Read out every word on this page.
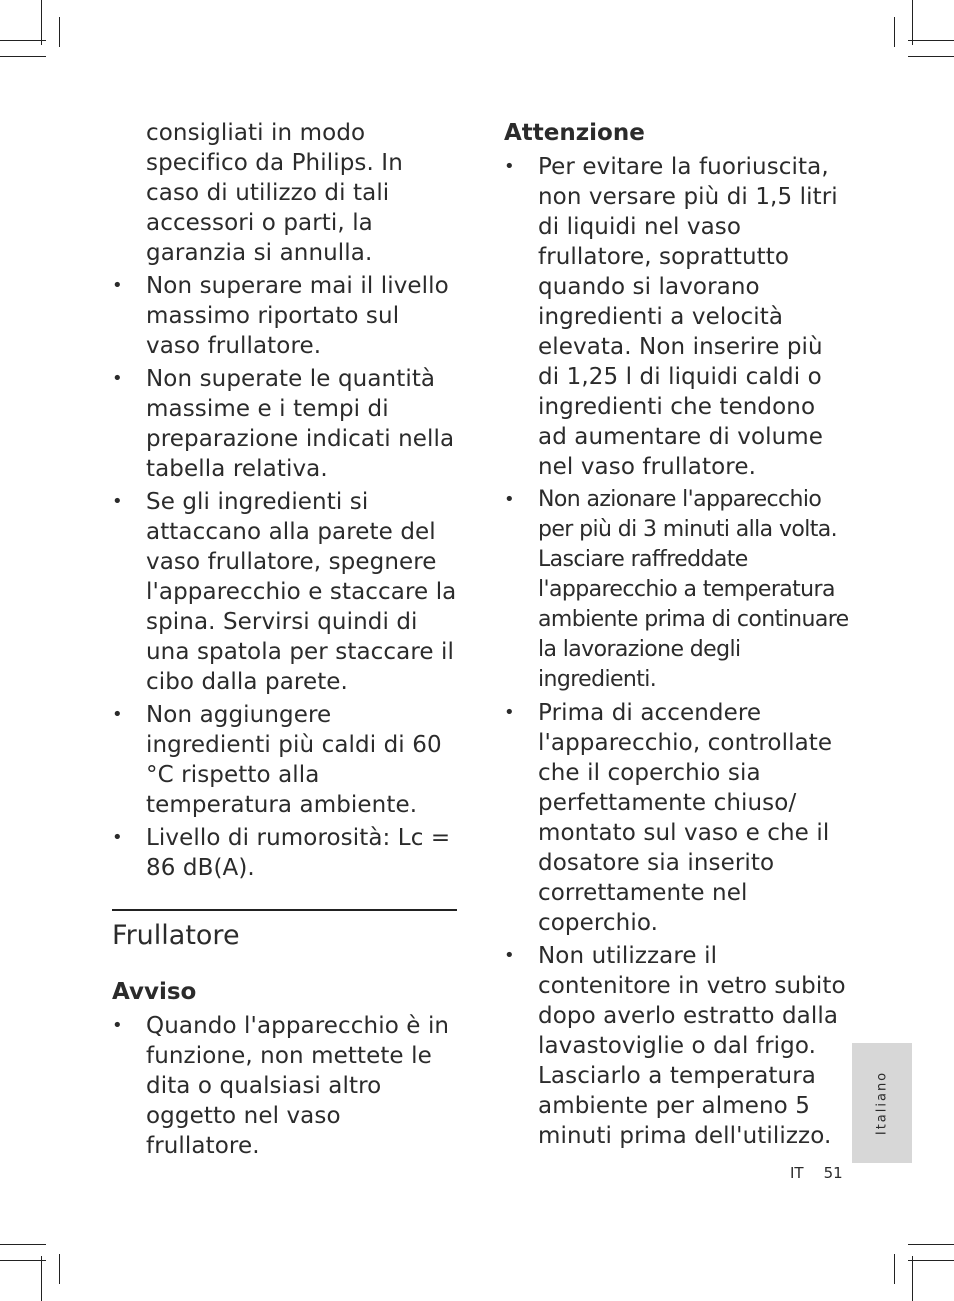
consigliati in modo specifico da Philips. In caso di utilizzo di tali accessori o parti, la garanzia si annulla.

• Non superare mai il livello massimo riportato sul vaso frullatore.

• Non superate le quantità massime e i tempi di preparazione indicati nella tabella relativa.

• Se gli ingredienti si attaccano alla parete del vaso frullatore, spegnere l'apparecchio e staccare la spina. Servirsi quindi di una spatola per staccare il cibo dalla parete.

• Non aggiungere ingredienti più caldi di 60 °C rispetto alla temperatura ambiente.

• Livello di rumorosità: Lc = 86 dB(A).

Frullatore
Avviso

• Quando l'apparecchio è in funzione, non mettete le dita o qualsiasi altro oggetto nel vaso frullatore.

Attenzione

• Per evitare la fuoriuscita, non versare più di 1,5 litri di liquidi nel vaso frullatore, soprattutto quando si lavorano ingredienti a velocità elevata. Non inserire più di 1,25 l di liquidi caldi o ingredienti che tendono ad aumentare di volume nel vaso frullatore.

• Non azionare l'apparecchio per più di 3 minuti alla volta. Lasciare raffreddate l'apparecchio a temperatura ambiente prima di continuare la lavorazione degli ingredienti.

• Prima di accendere l'apparecchio, controllate che il coperchio sia perfettamente chiuso/ montato sul vaso e che il dosatore sia inserito correttamente nel coperchio.

• Non utilizzare il contenitore in vetro subito dopo averlo estratto dalla lavastoviglie o dal frigo. Lasciarlo a temperatura ambiente per almeno 5 minuti prima dell'utilizzo.

Italiano
IT 51
